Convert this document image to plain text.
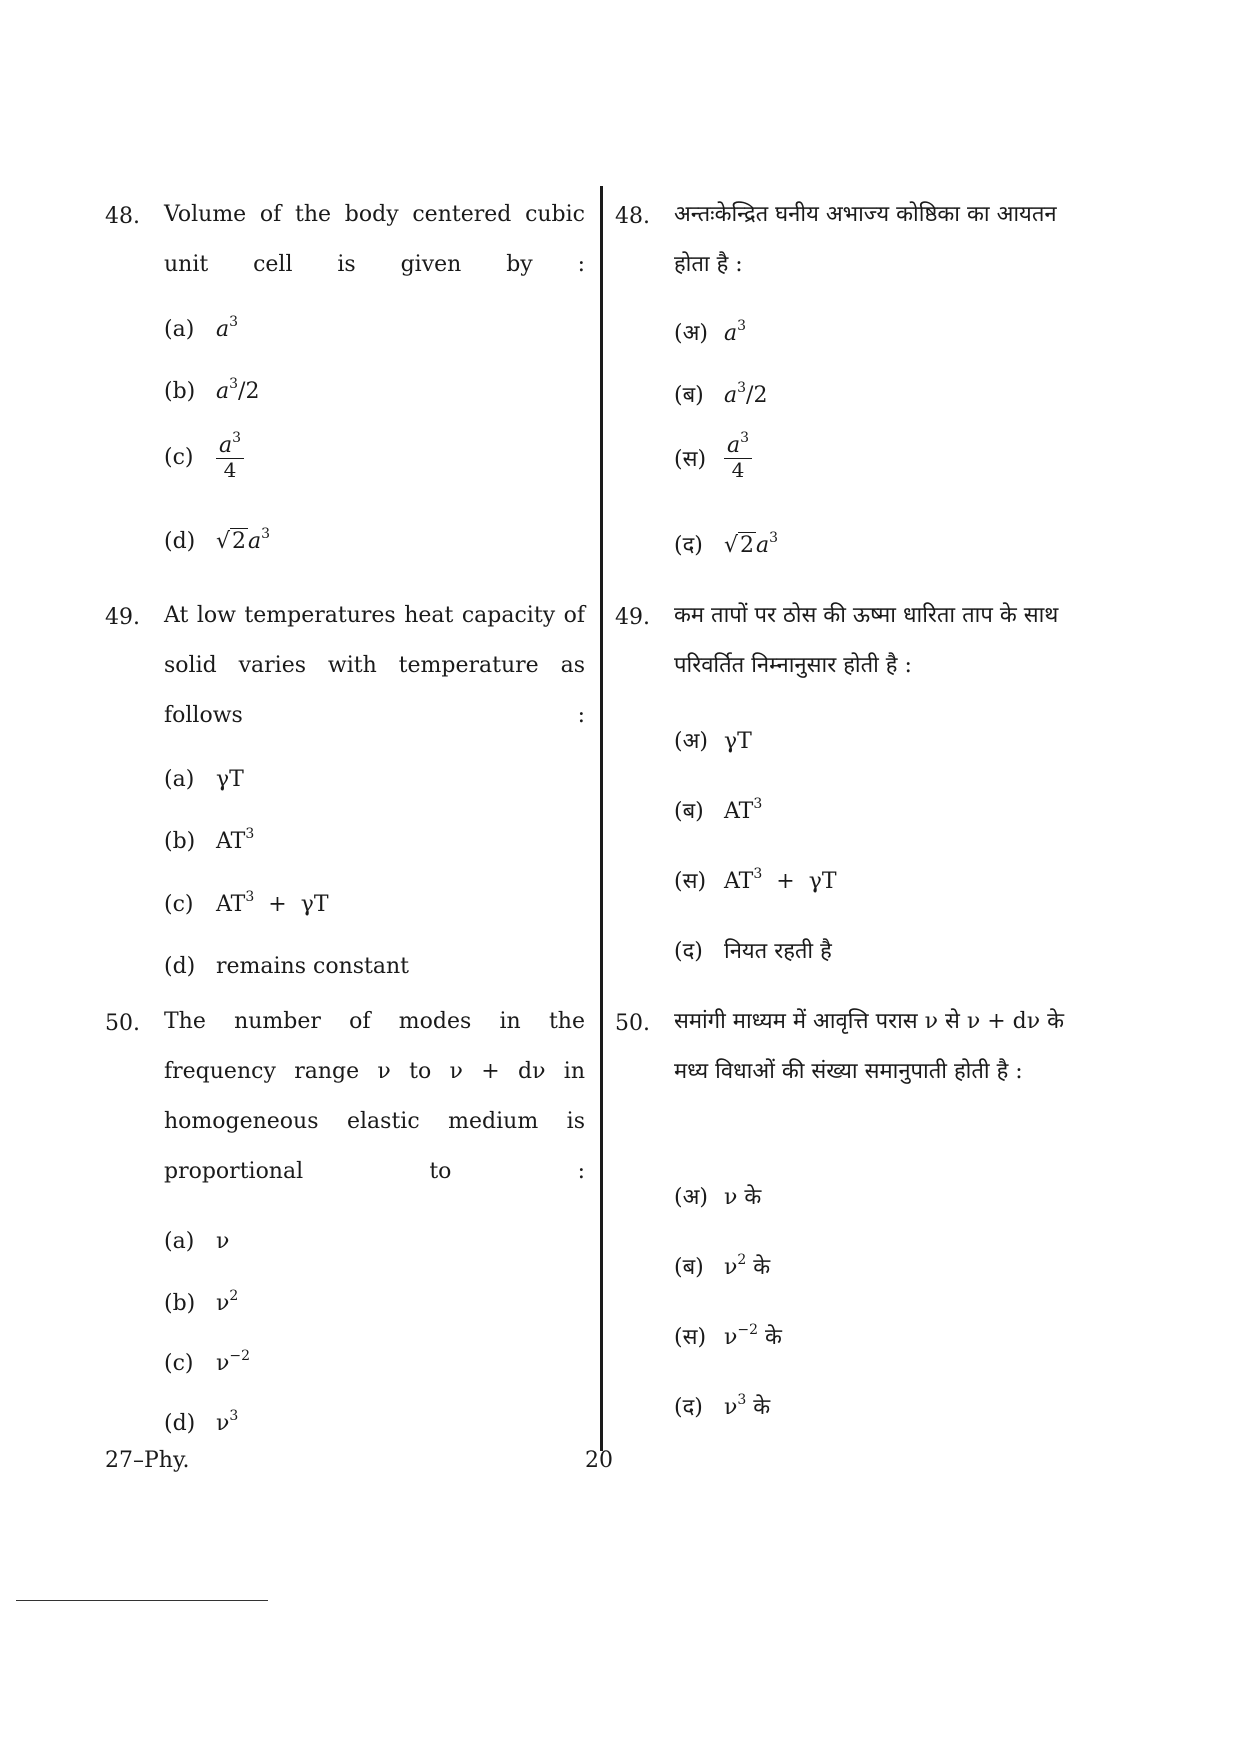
48. Volume of the body centered cubic unit cell is given by :
(a) $a^3$
(b) $a^3/2$
$(c) \frac{a^3}{4}$
(d) $√2a^3$
49. At low temperatures heat capacity of solid varies with temperature as follows :
(a) γT
(b) $AT^3$
(c) $AT^3 + \gamma T$
(d) remains constant
50. The number of modes in the frequency range ν to ν + dν in homogeneous elastic medium is proportional to :
(a) ν
(b) $\nu^2$
(c) $\nu^{-2}$
(d) $\nu^3$
48. अन्तःकेन्द्रित घनीय अभाज्य कोष्ठिका का आयतन होता है :
(अ) $a^3$
(ब) $a^3/2$
(स) $\frac{a^3}{4}$
(द) $√2a^3$
49. कम तापों पर ठोस की ऊष्मा धारिता ताप के साथ परिवर्तित निम्नानुसार होती है :
(अ) γT
(ब) $AT^3$
(स) $AT^3 + \gamma T$
(द) नियत रहती है
50. समांगी माध्यम में आवृत्ति परास ν से ν + dν के मध्य विधाओं की संख्या समानुपाती होती है :
(अ) ν के
(ब) $\nu^2$ के
(स) $\nu^{-2}$ के
(द) $\nu^3$ के
27–Phy.	20
